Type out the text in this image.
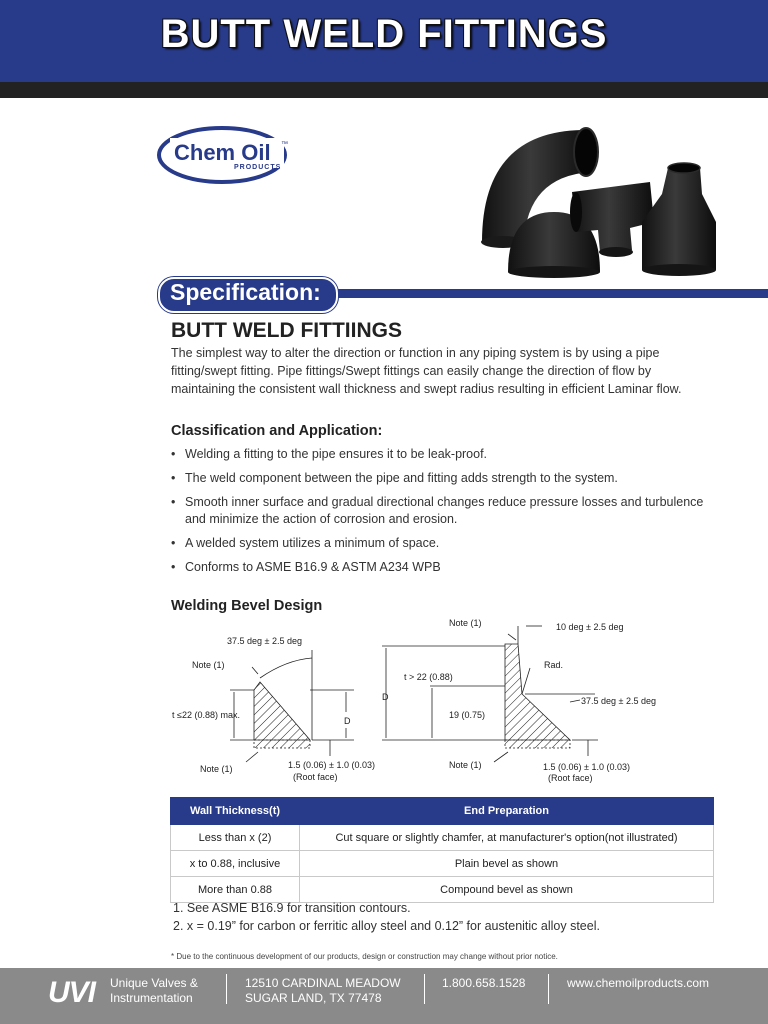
BUTT WELD FITTINGS
Chem Oil ™
PRODUCTS
Specification:
BUTT WELD FITTIINGS
The simplest way to alter the direction or function in any piping system is by using a pipe fitting/swept fitting. Pipe fittings/Swept fittings can easily change the direction of flow by maintaining the consistent wall thickness and swept radius resulting in efficient Laminar flow.
Classification and Application:
• Welding a fitting to the pipe ensures it to be leak-proof.
• The weld component between the pipe and fitting adds strength to the system.
• Smooth inner surface and gradual directional changes reduce pressure losses and turbulence and minimize the action of corrosion and erosion.
• A welded system utilizes a minimum of space.
• Conforms to ASME B16.9 & ASTM A234 WPB
Welding Bevel Design
37.5 deg ± 2.5 deg
Note (1)
t ≤22 (0.88) max.
D
Note (1)	1.5 (0.06) ± 1.0 (0.03)
(Root face)
Note (1)	10 deg ± 2.5 deg
Rad.
t > 22 (0.88)
D
19 (0.75)
37.5 deg ± 2.5 deg
Note (1)	1.5 (0.06) ± 1.0 (0.03)
(Root face)
Wall Thickness(t)	End Preparation
Less than x (2)	Cut square or slightly chamfer, at manufacturer's option(not illustrated)
x to 0.88, inclusive	Plain bevel as shown
More than 0.88	Compound bevel as shown
1. See ASME B16.9 for transition contours.
2. x = 0.19” for carbon or ferritic alloy steel and 0.12” for austenitic alloy steel.
* Due to the continuous development of our products, design or construction may change without prior notice.
UVI Unique Valves &
Instrumentation
12510 CARDINAL MEADOW
SUGAR LAND, TX 77478
1.800.658.1528	www.chemoilproducts.com
